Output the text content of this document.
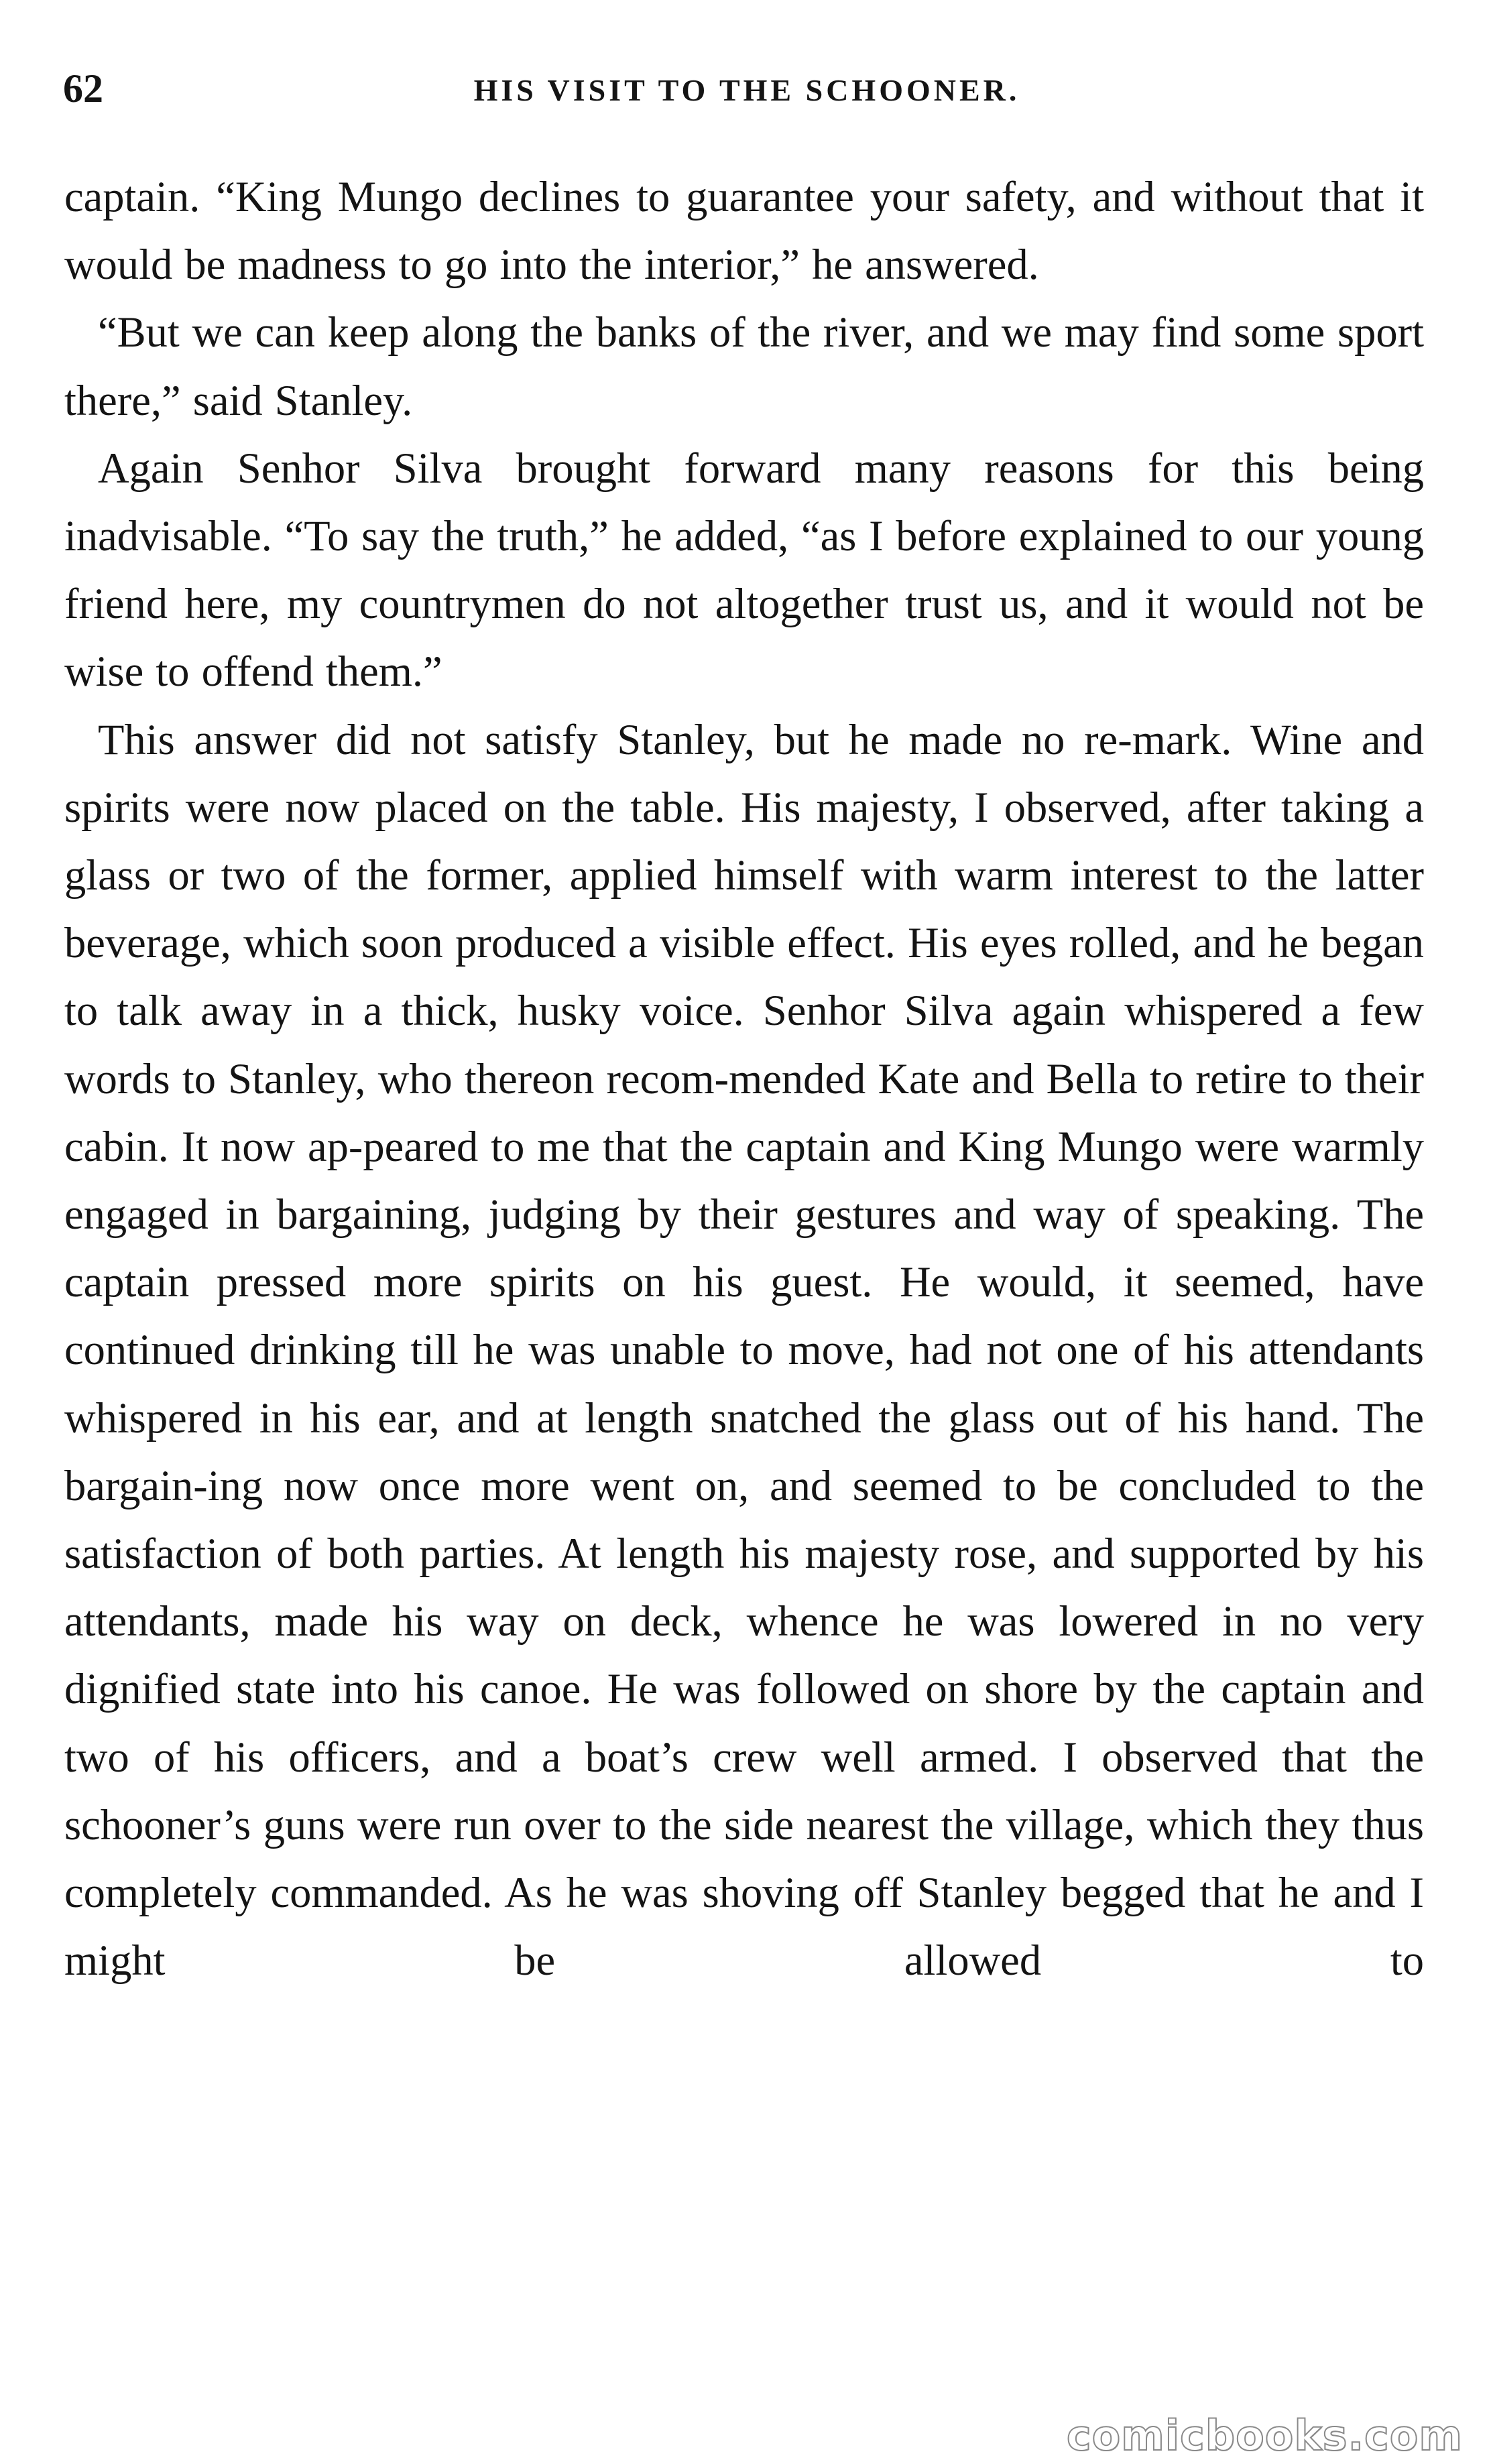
62	HIS VISIT TO THE SCHOONER.

captain. “King Mungo declines to guarantee your safety, and without that it would be madness to go into the interior,” he answered.

“But we can keep along the banks of the river, and we may find some sport there,” said Stanley.

Again Senhor Silva brought forward many reasons for this being inadvisable. “To say the truth,” he added, “as I before explained to our young friend here, my countrymen do not altogether trust us, and it would not be wise to offend them.”

This answer did not satisfy Stanley, but he made no re-mark. Wine and spirits were now placed on the table. His majesty, I observed, after taking a glass or two of the former, applied himself with warm interest to the latter beverage, which soon produced a visible effect. His eyes rolled, and he began to talk away in a thick, husky voice. Senhor Silva again whispered a few words to Stanley, who thereon recom-mended Kate and Bella to retire to their cabin. It now ap-peared to me that the captain and King Mungo were warmly engaged in bargaining, judging by their gestures and way of speaking. The captain pressed more spirits on his guest. He would, it seemed, have continued drinking till he was unable to move, had not one of his attendants whispered in his ear, and at length snatched the glass out of his hand. The bargain-ing now once more went on, and seemed to be concluded to the satisfaction of both parties. At length his majesty rose, and supported by his attendants, made his way on deck, whence he was lowered in no very dignified state into his canoe. He was followed on shore by the captain and two of his officers, and a boat’s crew well armed. I observed that the schooner’s guns were run over to the side nearest the village, which they thus completely commanded. As he was shoving off Stanley begged that he and I might be allowed to

comicbooks.com
